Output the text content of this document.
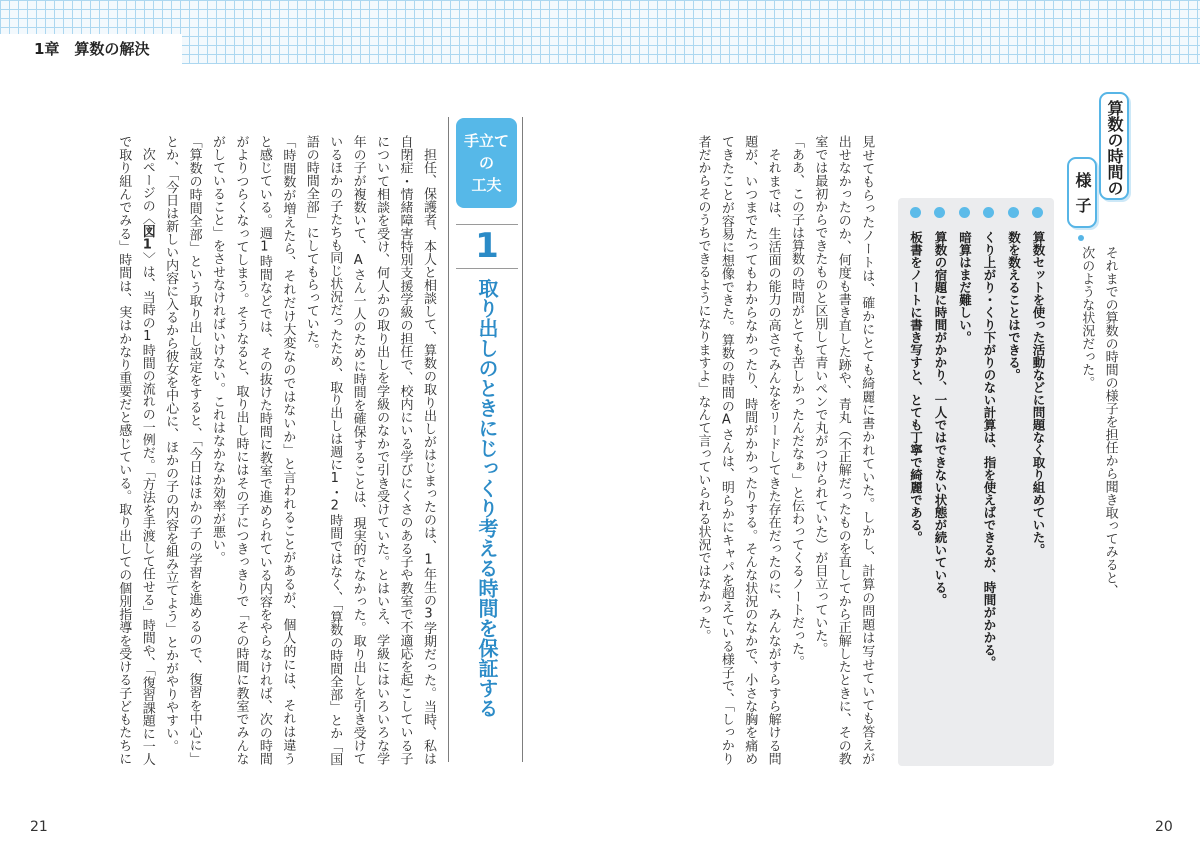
1章　算数の解決
算数の時間の
様子
それまでの算数の時間の様子を担任から聞き取ってみると、
次のような状況だった。
算数セットを使った活動などに問題なく取り組めていた。
数を数えることはできる。
くり上がり・くり下がりのない計算は、指を使えばできるが、時間がかかる。
暗算はまだ難しい。
算数の宿題に時間がかかり、一人ではできない状態が続いている。
板書をノートに書き写すと、とても丁寧で綺麗である。
見せてもらったノートは、確かにとても綺麗に書かれていた。しかし、計算の問題は写せていても答えが
出せなかったのか、何度も書き直した跡や、青丸（不正解だったものを直してから正解したときに、その教
室では最初からできたものと区別して青いペンで丸がつけられていた）が目立っていた。
「ああ、この子は算数の時間がとても苦しかったんだなぁ」と伝わってくるノートだった。
　それまでは、生活面の能力の高さでみんなをリードしてきた存在だったのに、みんながすらすら解ける問
題が、いつまでたってもわからなかったり、時間がかかったりする。そんな状況のなかで、小さな胸を痛め
てきたことが容易に想像できた。算数の時間のAさんは、明らかにキャパを超えている様子で、「しっかり
者だからそのうちできるようになりますよ」なんて言っていられる状況ではなかった。
20
手立て
の
工夫
1
取り出しのときにじっくり考える時間を保証する
　担任、保護者、本人と相談して、算数の取り出しがはじまったのは、1年生の3学期だった。当時、私は
自閉症・情緒障害特別支援学級の担任で、校内にいる学びにくさのある子や教室で不適応を起こしている子
について相談を受け、何人かの取り出しを学級のなかで引き受けていた。とはいえ、学級にはいろいろな学
年の子が複数いて、Aさん一人のために時間を確保することは、現実的でなかった。取り出しを引き受けて
いるほかの子たちも同じ状況だったため、取り出しは週に1・2時間ではなく、「算数の時間全部」とか「国
語の時間全部」にしてもらっていた。
「時間数が増えたら、それだけ大変なのではないか」と言われることがあるが、個人的には、それは違う
と感じている。週1時間などでは、その抜けた時間に教室で進められている内容をやらなければ、次の時間
がよりつらくなってしまう。そうなると、取り出し時にはその子につきっきりで「その時間に教室でみんな
がしていること」をさせなければいけない。これはなかなか効率が悪い。
「算数の時間全部」という取り出し設定をすると、「今日はほかの子の学習を進めるので、復習を中心に」
とか、「今日は新しい内容に入るから彼女を中心に、ほかの子の内容を組み立てよう」とかがやりやすい。
　次ページの〈図1〉は、当時の1時間の流れの一例だ。「方法を手渡して任せる」時間や、「復習課題に一人
で取り組んでみる」時間は、実はかなり重要だと感じている。取り出しての個別指導を受ける子どもたちに
21
